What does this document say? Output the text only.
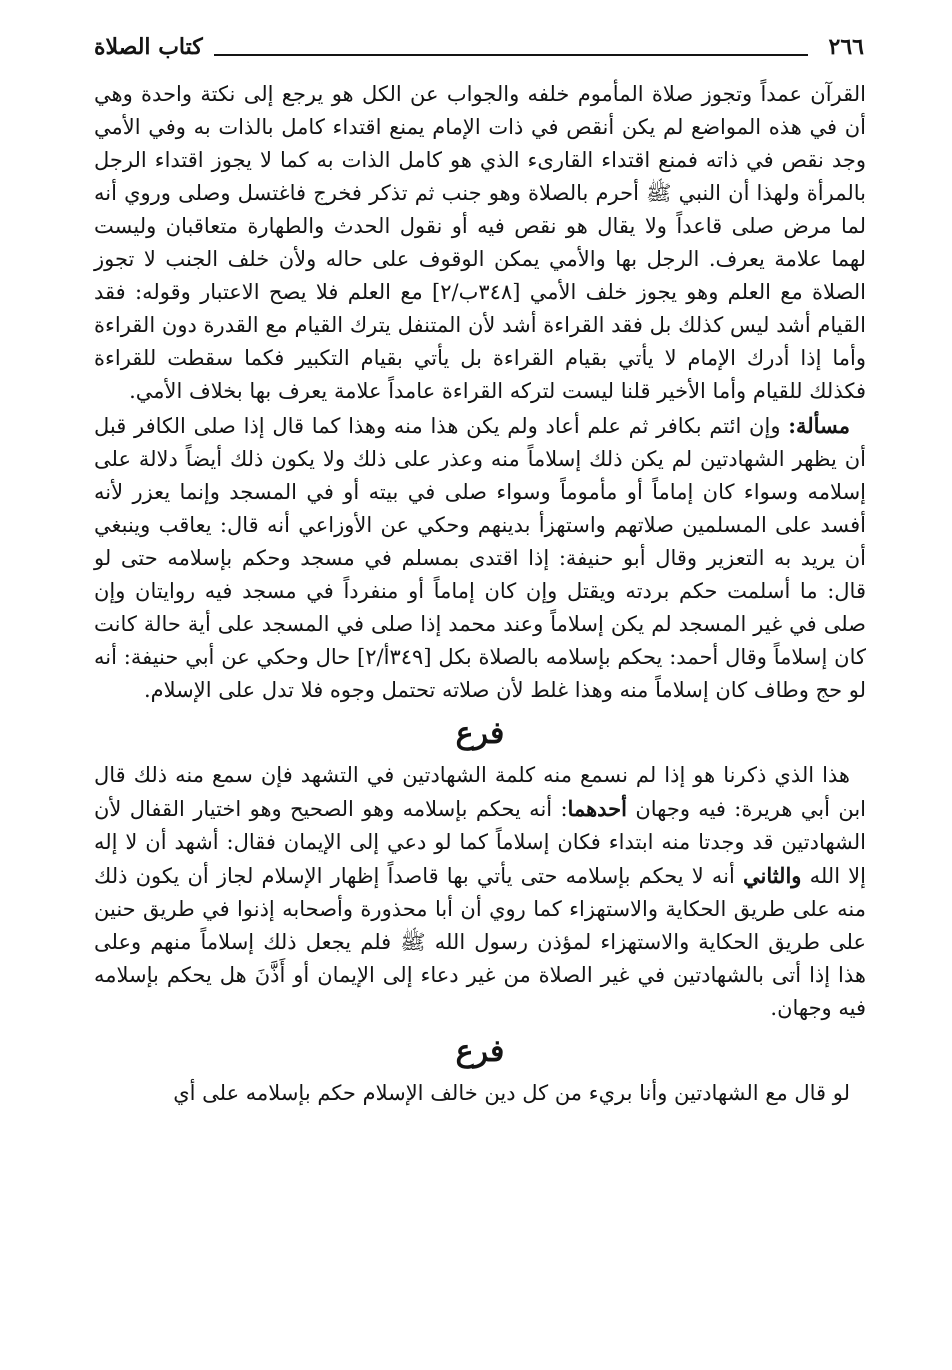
٢٦٦
كتاب الصلاة

القرآن عمداً وتجوز صلاة المأموم خلفه والجواب عن الكل هو يرجع إلى نكتة واحدة وهي أن في هذه المواضع لم يكن أنقص في ذات الإمام يمنع اقتداء كامل بالذات به وفي الأمي وجد نقص في ذاته فمنع اقتداء القارىء الذي هو كامل الذات به كما لا يجوز اقتداء الرجل بالمرأة ولهذا أن النبي ﷺ أحرم بالصلاة وهو جنب ثم تذكر فخرج فاغتسل وصلى وروي أنه لما مرض صلى قاعداً ولا يقال هو نقص فيه أو نقول الحدث والطهارة متعاقبان وليست لهما علامة يعرف. الرجل بها والأمي يمكن الوقوف على حاله ولأن خلف الجنب لا تجوز الصلاة مع العلم وهو يجوز خلف الأمي [٣٤٨ب/٢] مع العلم فلا يصح الاعتبار وقوله: فقد القيام أشد ليس كذلك بل فقد القراءة أشد لأن المتنفل يترك القيام مع القدرة دون القراءة وأما إذا أدرك الإمام لا يأتي بقيام القراءة بل يأتي بقيام التكبير فكما سقطت للقراءة فكذلك للقيام وأما الأخير قلنا ليست لتركه القراءة عامداً علامة يعرف بها بخلاف الأمي.

مسألة: وإن ائتم بكافر ثم علم أعاد ولم يكن هذا منه وهذا كما قال إذا صلى الكافر قبل أن يظهر الشهادتين لم يكن ذلك إسلاماً منه وعذر على ذلك ولا يكون ذلك أيضاً دلالة على إسلامه وسواء كان إماماً أو مأموماً وسواء صلى في بيته أو في المسجد وإنما يعزر لأنه أفسد على المسلمين صلاتهم واستهزأ بدينهم وحكي عن الأوزاعي أنه قال: يعاقب وينبغي أن يريد به التعزير وقال أبو حنيفة: إذا اقتدى بمسلم في مسجد وحكم بإسلامه حتى لو قال: ما أسلمت حكم بردته ويقتل وإن كان إماماً أو منفرداً في مسجد فيه روايتان وإن صلى في غير المسجد لم يكن إسلاماً وعند محمد إذا صلى في المسجد على أية حالة كانت كان إسلاماً وقال أحمد: يحكم بإسلامه بالصلاة بكل [٣٤٩أ/٢] حال وحكي عن أبي حنيفة: أنه لو حج وطاف كان إسلاماً منه وهذا غلط لأن صلاته تحتمل وجوه فلا تدل على الإسلام.

فرع

هذا الذي ذكرنا هو إذا لم نسمع منه كلمة الشهادتين في التشهد فإن سمع منه ذلك قال ابن أبي هريرة: فيه وجهان أحدهما: أنه يحكم بإسلامه وهو الصحيح وهو اختيار القفال لأن الشهادتين قد وجدتا منه ابتداء فكان إسلاماً كما لو دعي إلى الإيمان فقال: أشهد أن لا إله إلا الله والثاني أنه لا يحكم بإسلامه حتى يأتي بها قاصداً إظهار الإسلام لجاز أن يكون ذلك منه على طريق الحكاية والاستهزاء كما روي أن أبا محذورة وأصحابه إذنوا في طريق حنين على طريق الحكاية والاستهزاء لمؤذن رسول الله ﷺ فلم يجعل ذلك إسلاماً منهم وعلى هذا إذا أتى بالشهادتين في غير الصلاة من غير دعاء إلى الإيمان أو أَذَّنَ هل يحكم بإسلامه فيه وجهان.

فرع

لو قال مع الشهادتين وأنا بريء من كل دين خالف الإسلام حكم بإسلامه على أي
